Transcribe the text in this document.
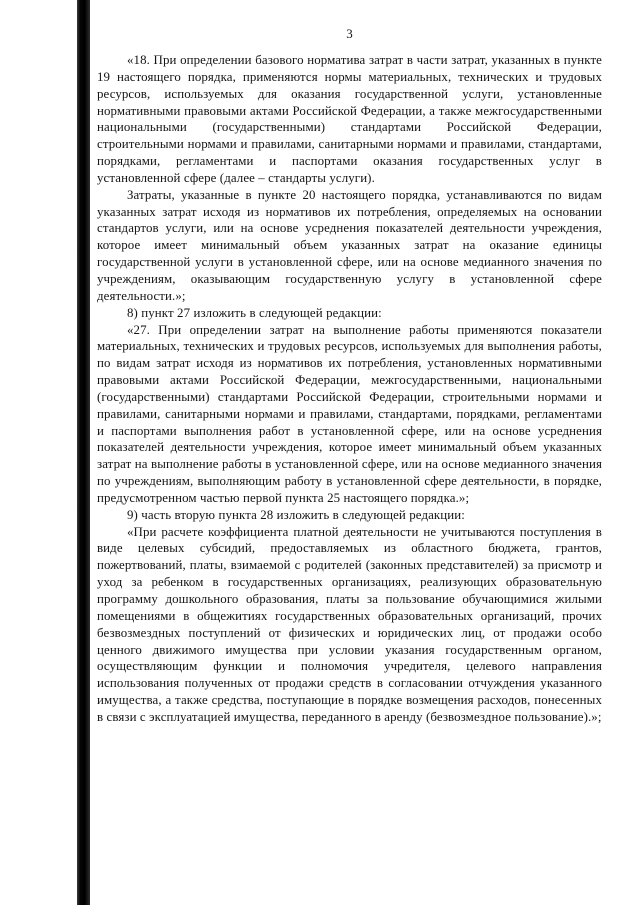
3

«18. При определении базового норматива затрат в части затрат, указанных в пункте 19 настоящего порядка, применяются нормы материальных, технических и трудовых ресурсов, используемых для оказания государственной услуги, установленные нормативными правовыми актами Российской Федерации, а также межгосударственными национальными (государственными) стандартами Российской Федерации, строительными нормами и правилами, санитарными нормами и правилами, стандартами, порядками, регламентами и паспортами оказания государственных услуг в установленной сфере (далее – стандарты услуги).

Затраты, указанные в пункте 20 настоящего порядка, устанавливаются по видам указанных затрат исходя из нормативов их потребления, определяемых на основании стандартов услуги, или на основе усреднения показателей деятельности учреждения, которое имеет минимальный объем указанных затрат на оказание единицы государственной услуги в установленной сфере, или на основе медианного значения по учреждениям, оказывающим государственную услугу в установленной сфере деятельности.»;

8) пункт 27 изложить в следующей редакции:

«27. При определении затрат на выполнение работы применяются показатели материальных, технических и трудовых ресурсов, используемых для выполнения работы, по видам затрат исходя из нормативов их потребления, установленных нормативными правовыми актами Российской Федерации, межгосударственными, национальными (государственными) стандартами Российской Федерации, строительными нормами и правилами, санитарными нормами и правилами, стандартами, порядками, регламентами и паспортами выполнения работ в установленной сфере, или на основе усреднения показателей деятельности учреждения, которое имеет минимальный объем указанных затрат на выполнение работы в установленной сфере, или на основе медианного значения по учреждениям, выполняющим работу в установленной сфере деятельности, в порядке, предусмотренном частью первой пункта 25 настоящего порядка.»;

9) часть вторую пункта 28 изложить в следующей редакции:

«При расчете коэффициента платной деятельности не учитываются поступления в виде целевых субсидий, предоставляемых из областного бюджета, грантов, пожертвований, платы, взимаемой с родителей (законных представителей) за присмотр и уход за ребенком в государственных организациях, реализующих образовательную программу дошкольного образования, платы за пользование обучающимися жилыми помещениями в общежитиях государственных образовательных организаций, прочих безвозмездных поступлений от физических и юридических лиц, от продажи особо ценного движимого имущества при условии указания государственным органом, осуществляющим функции и полномочия учредителя, целевого направления использования полученных от продажи средств в согласовании отчуждения указанного имущества, а также средства, поступающие в порядке возмещения расходов, понесенных в связи с эксплуатацией имущества, переданного в аренду (безвозмездное пользование).»;
